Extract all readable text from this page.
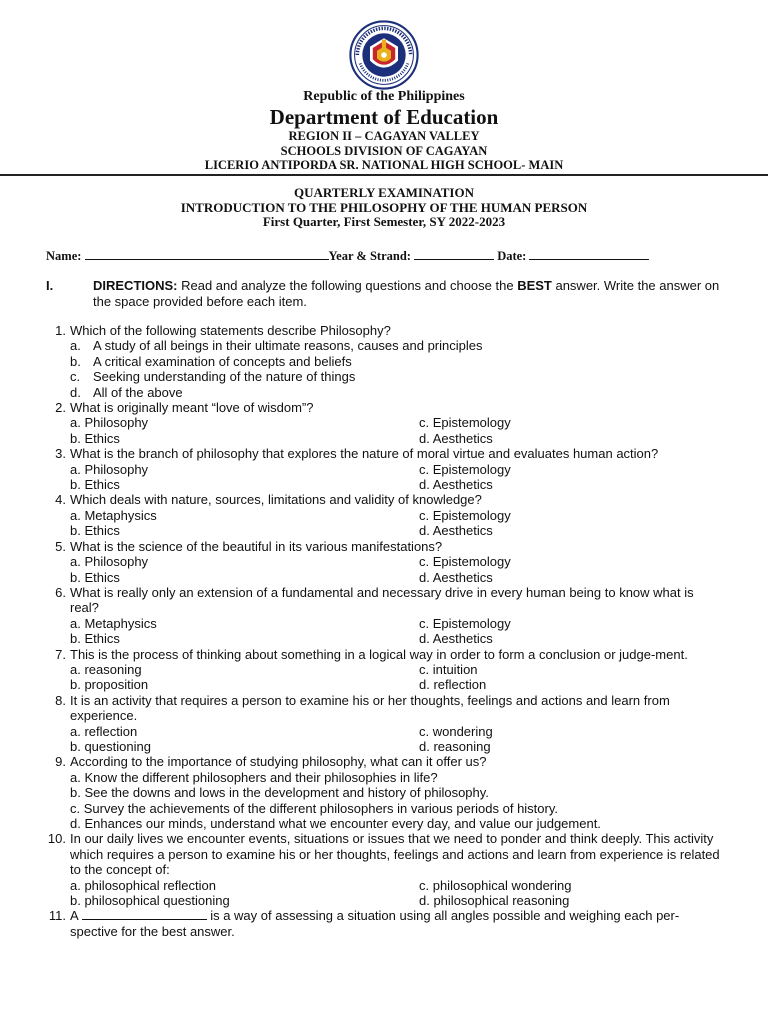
Republic of the Philippines
Department of Education
REGION II – CAGAYAN VALLEY
SCHOOLS DIVISION OF CAGAYAN
LICERIO ANTIPORDA SR. NATIONAL HIGH SCHOOL- MAIN
QUARTERLY EXAMINATION
INTRODUCTION TO THE PHILOSOPHY OF THE HUMAN PERSON
First Quarter, First Semester, SY 2022-2023
Name:	Year & Strand:	Date:
I.	DIRECTIONS: Read and analyze the following questions and choose the BEST answer. Write the answer on the space provided before each item.
1. Which of the following statements describe Philosophy?
a. A study of all beings in their ultimate reasons, causes and principles
b. A critical examination of concepts and beliefs
c. Seeking understanding of the nature of things
d. All of the above
2. What is originally meant “love of wisdom”?
a. Philosophy	c. Epistemology
b. Ethics	d. Aesthetics
3. What is the branch of philosophy that explores the nature of moral virtue and evaluates human action?
a. Philosophy	c. Epistemology
b. Ethics	d. Aesthetics
4. Which deals with nature, sources, limitations and validity of knowledge?
a. Metaphysics	c. Epistemology
b. Ethics	d. Aesthetics
5. What is the science of the beautiful in its various manifestations?
a. Philosophy	c. Epistemology
b. Ethics	d. Aesthetics
6. What is really only an extension of a fundamental and necessary drive in every human being to know what is real?
a. Metaphysics	c. Epistemology
b. Ethics	d. Aesthetics
7. This is the process of thinking about something in a logical way in order to form a conclusion or judge-ment.
a. reasoning	c. intuition
b. proposition	d. reflection
8. It is an activity that requires a person to examine his or her thoughts, feelings and actions and learn from experience.
a. reflection	c. wondering
b. questioning	d. reasoning
9. According to the importance of studying philosophy, what can it offer us?
a. Know the different philosophers and their philosophies in life?
b. See the downs and lows in the development and history of philosophy.
c. Survey the achievements of the different philosophers in various periods of history.
d. Enhances our minds, understand what we encounter every day, and value our judgement.
10. In our daily lives we encounter events, situations or issues that we need to ponder and think deeply. This activity which requires a person to examine his or her thoughts, feelings and actions and learn from experience is related to the concept of:
a. philosophical reflection	c. philosophical wondering
b. philosophical questioning	d. philosophical reasoning
11. A	is a way of assessing a situation using all angles possible and weighing each per-spective for the best answer.
